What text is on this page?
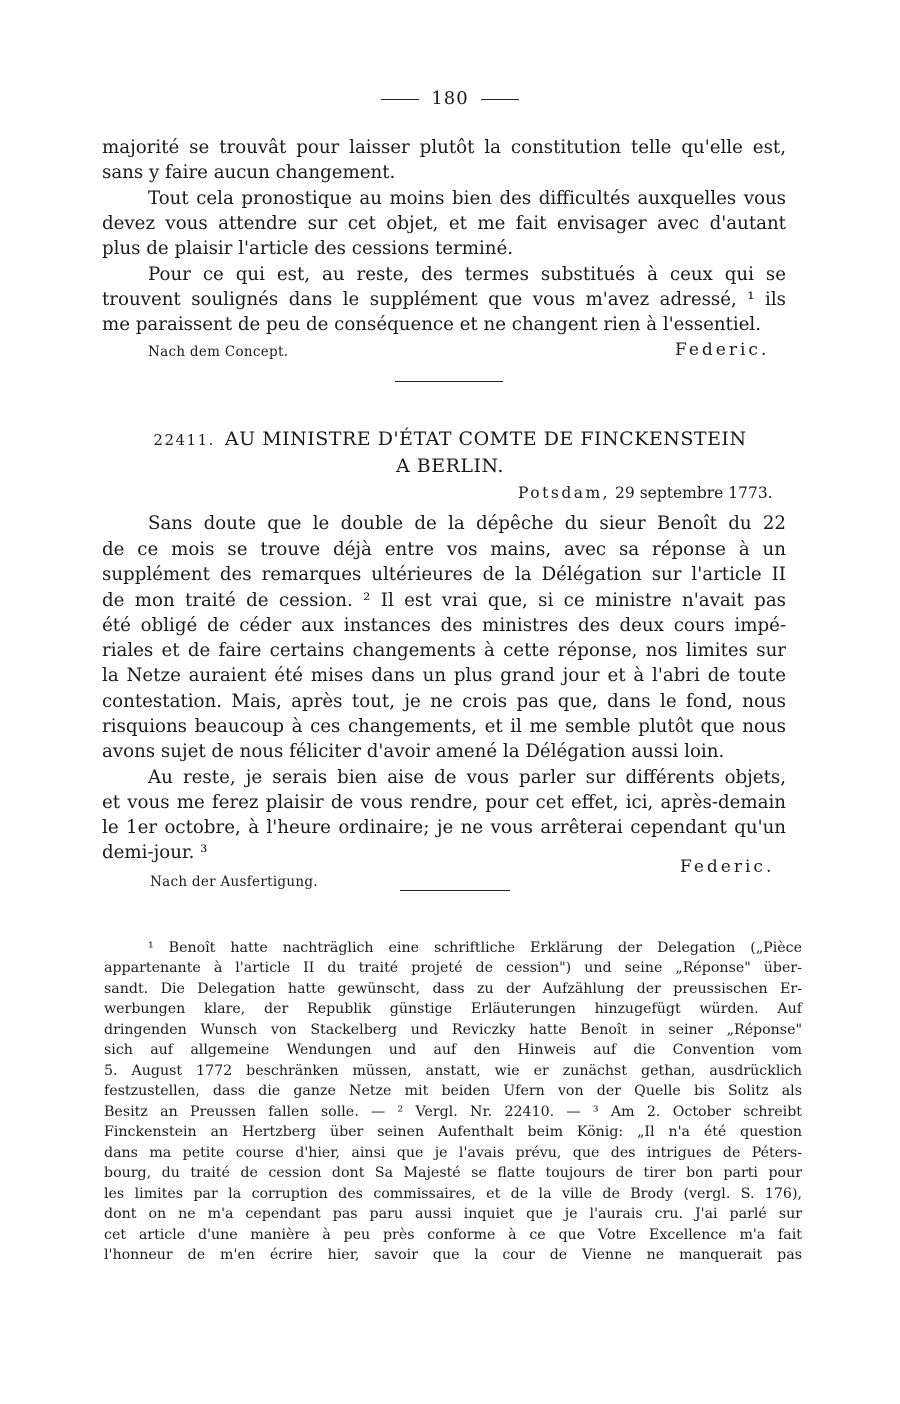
180
majorité se trouvât pour laisser plutôt la constitution telle qu'elle est,
sans y faire aucun changement.
Tout cela pronostique au moins bien des difficultés auxquelles vous
devez vous attendre sur cet objet, et me fait envisager avec d'autant
plus de plaisir l'article des cessions terminé.
Pour ce qui est, au reste, des termes substitués à ceux qui se
trouvent soulignés dans le supplément que vous m'avez adressé, ¹ ils
me paraissent de peu de conséquence et ne changent rien à l'essentiel.
Nach dem Concept.	Federic.
22411. AU MINISTRE D'ÉTAT COMTE DE FINCKENSTEIN
A BERLIN.
Potsdam, 29 septembre 1773.
Sans doute que le double de la dépêche du sieur Benoît du 22
de ce mois se trouve déjà entre vos mains, avec sa réponse à un
supplément des remarques ultérieures de la Délégation sur l'article II
de mon traité de cession. ² Il est vrai que, si ce ministre n'avait pas
été obligé de céder aux instances des ministres des deux cours impé-
riales et de faire certains changements à cette réponse, nos limites sur
la Netze auraient été mises dans un plus grand jour et à l'abri de toute
contestation. Mais, après tout, je ne crois pas que, dans le fond, nous
risquions beaucoup à ces changements, et il me semble plutôt que nous
avons sujet de nous féliciter d'avoir amené la Délégation aussi loin.
Au reste, je serais bien aise de vous parler sur différents objets,
et vous me ferez plaisir de vous rendre, pour cet effet, ici, après-demain
le 1er octobre, à l'heure ordinaire; je ne vous arrêterai cependant qu'un
demi-jour. ³
Nach der Ausfertigung.
Federic.
¹ Benoît hatte nachträglich eine schriftliche Erklärung der Delegation („Pièce
appartenante à l'article II du traité projeté de cession") und seine „Réponse" über-
sandt. Die Delegation hatte gewünscht, dass zu der Aufzählung der preussischen Er-
werbungen klare, der Republik günstige Erläuterungen hinzugefügt würden. Auf
dringenden Wunsch von Stackelberg und Reviczky hatte Benoît in seiner „Réponse"
sich auf allgemeine Wendungen und auf den Hinweis auf die Convention vom
5. August 1772 beschränken müssen, anstatt, wie er zunächst gethan, ausdrücklich
festzustellen, dass die ganze Netze mit beiden Ufern von der Quelle bis Solitz als
Besitz an Preussen fallen solle. — ² Vergl. Nr. 22410. — ³ Am 2. October schreibt
Finckenstein an Hertzberg über seinen Aufenthalt beim König: „Il n'a été question
dans ma petite course d'hier, ainsi que je l'avais prévu, que des intrigues de Péters-
bourg, du traité de cession dont Sa Majesté se flatte toujours de tirer bon parti pour
les limites par la corruption des commissaires, et de la ville de Brody (vergl. S. 176),
dont on ne m'a cependant pas paru aussi inquiet que je l'aurais cru. J'ai parlé sur
cet article d'une manière à peu près conforme à ce que Votre Excellence m'a fait
l'honneur de m'en écrire hier, savoir que la cour de Vienne ne manquerait pas
